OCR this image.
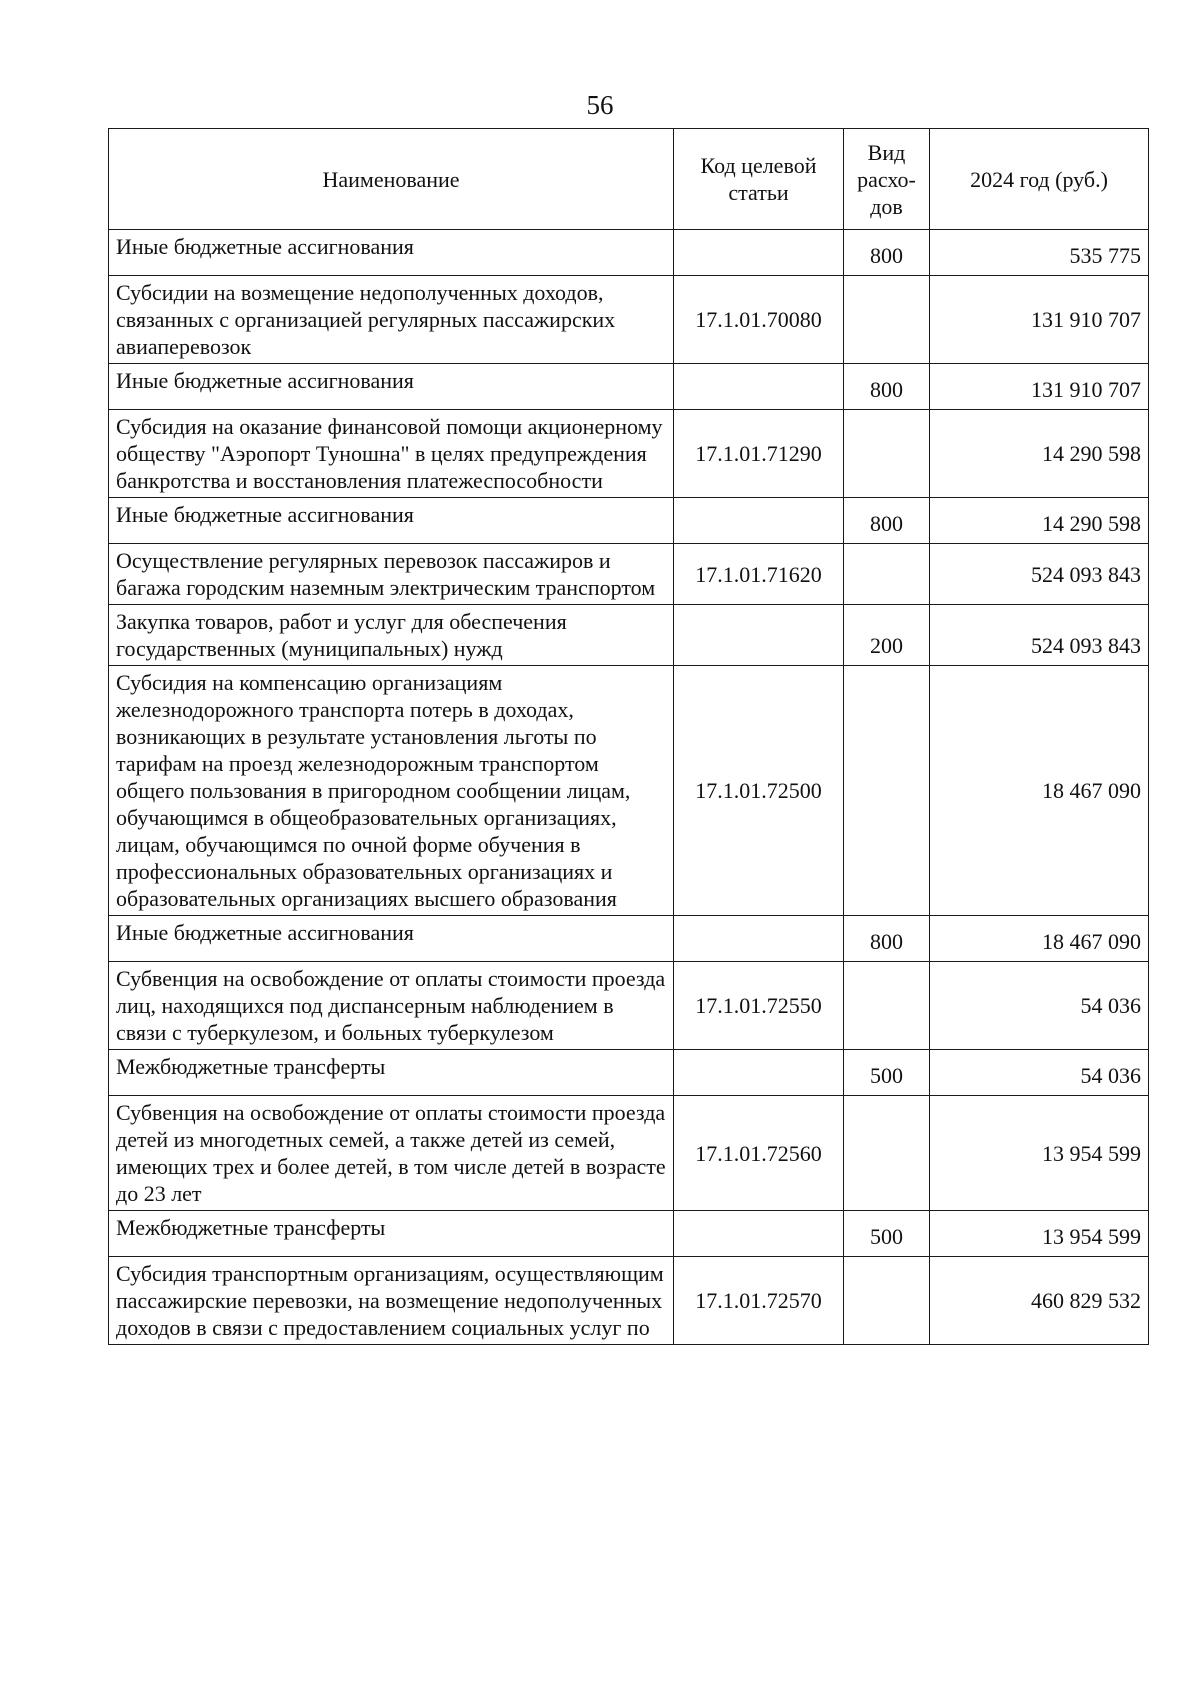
56
Наименование	Код целевой статьи	Вид расхо-дов	2024 год (руб.)
Иные бюджетные ассигнования		800	535 775
Субсидии на возмещение недополученных доходов, связанных с организацией регулярных пассажирских авиаперевозок	17.1.01.70080		131 910 707
Иные бюджетные ассигнования		800	131 910 707
Субсидия на оказание финансовой помощи акционерному обществу "Аэропорт Туношна" в целях предупреждения банкротства и восстановления платежеспособности	17.1.01.71290		14 290 598
Иные бюджетные ассигнования		800	14 290 598
Осуществление регулярных перевозок пассажиров и багажа городским наземным электрическим транспортом	17.1.01.71620		524 093 843
Закупка товаров, работ и услуг для обеспечения государственных (муниципальных) нужд		200	524 093 843
Субсидия на компенсацию организациям железнодорожного транспорта потерь в доходах, возникающих в результате установления льготы по тарифам на проезд железнодорожным транспортом общего пользования в пригородном сообщении лицам, обучающимся в общеобразовательных организациях, лицам, обучающимся по очной форме обучения в профессиональных образовательных организациях и образовательных организациях высшего образования	17.1.01.72500		18 467 090
Иные бюджетные ассигнования		800	18 467 090
Субвенция на освобождение от оплаты стоимости проезда лиц, находящихся под диспансерным наблюдением в связи с туберкулезом, и больных туберкулезом	17.1.01.72550		54 036
Межбюджетные трансферты		500	54 036
Субвенция на освобождение от оплаты стоимости проезда детей из многодетных семей, а также детей из семей, имеющих трех и более детей, в том числе детей в возрасте до 23 лет	17.1.01.72560		13 954 599
Межбюджетные трансферты		500	13 954 599
Субсидия транспортным организациям, осуществляющим пассажирские перевозки, на возмещение недополученных доходов в связи с предоставлением социальных услуг по	17.1.01.72570		460 829 532
